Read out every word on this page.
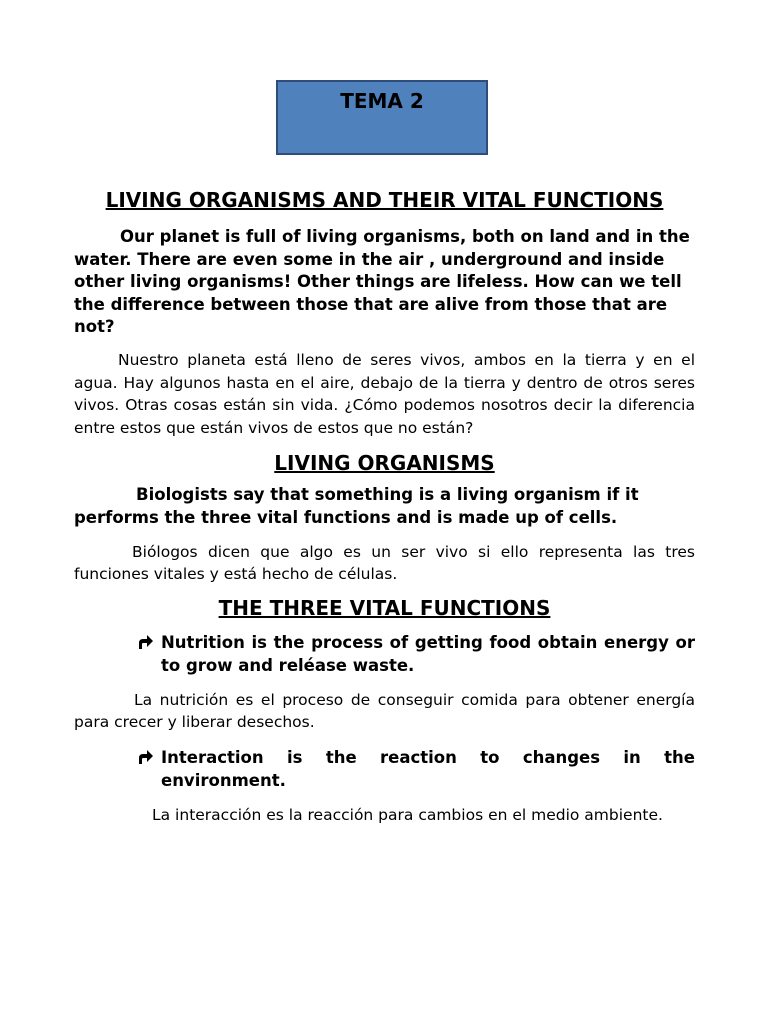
TEMA 2
LIVING ORGANISMS AND THEIR VITAL FUNCTIONS

Our planet is full of living organisms, both on land and in the water. There are even some in the air , underground and inside other living organisms! Other things are lifeless. How can we tell the difference between those that are alive from those that are not?

Nuestro planeta está lleno de seres vivos, ambos en la tierra y en el agua. Hay algunos hasta en el aire, debajo de la tierra y dentro de otros seres vivos. Otras cosas están sin vida. ¿Cómo podemos nosotros decir la diferencia entre estos que están vivos de estos que no están?

LIVING ORGANISMS

Biologists say that something is a living organism if it performs the three vital functions and is made up of cells.

Biólogos dicen que algo es un ser vivo si ello representa las tres funciones vitales y está hecho de células.

THE THREE VITAL FUNCTIONS
Nutrition is the process of getting food obtain energy or to grow and reléase waste.

La nutrición es el proceso de conseguir comida para obtener energía para crecer y liberar desechos.

Interaction is the reaction to changes in the environment.

La interacción es la reacción para cambios en el medio ambiente.
